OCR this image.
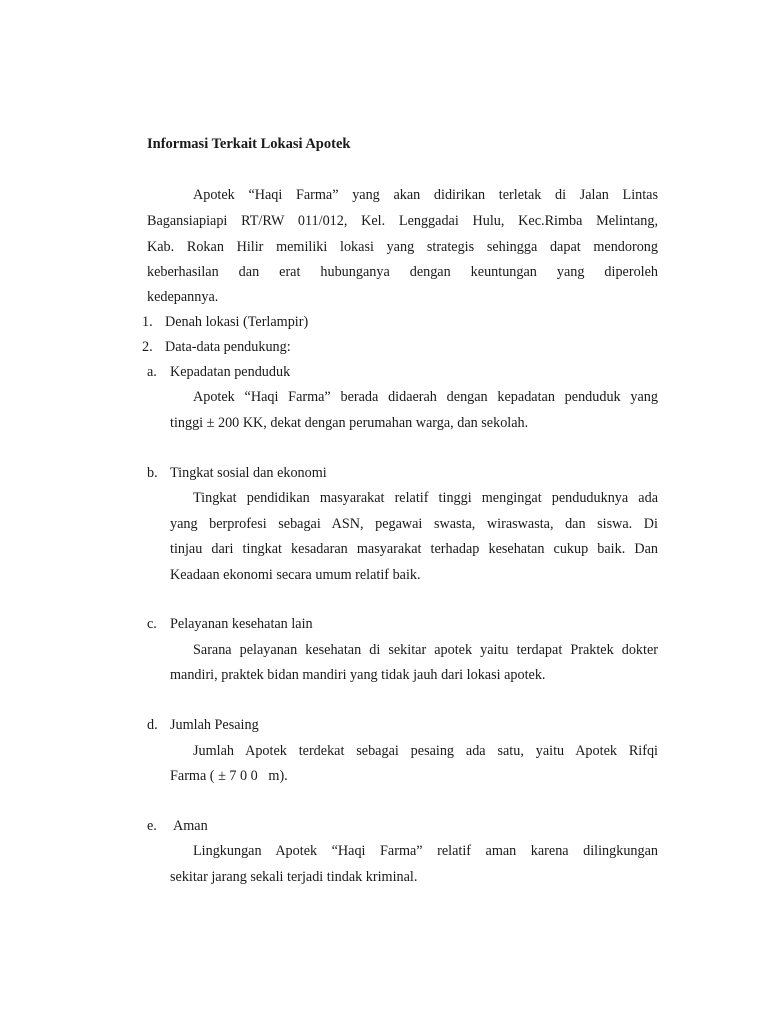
Informasi Terkait Lokasi Apotek

Apotek “Haqi Farma” yang akan didirikan terletak di Jalan Lintas

Bagansiapiapi RT/RW 011/012, Kel. Lenggadai Hulu, Kec.Rimba Melintang,

Kab. Rokan Hilir memiliki lokasi yang strategis sehingga dapat mendorong

keberhasilan dan erat hubunganya dengan keuntungan yang diperoleh

kedepannya.

1. Denah lokasi (Terlampir)
2. Data-data pendukung:
a. Kepadatan penduduk

Apotek “Haqi Farma” berada didaerah dengan kepadatan penduduk yang

tinggi ± 200 KK, dekat dengan perumahan warga, dan sekolah.

b. Tingkat sosial dan ekonomi

Tingkat pendidikan masyarakat relatif tinggi mengingat penduduknya ada

yang berprofesi sebagai ASN, pegawai swasta, wiraswasta, dan siswa. Di

tinjau dari tingkat kesadaran masyarakat terhadap kesehatan cukup baik. Dan

Keadaan ekonomi secara umum relatif baik.

c. Pelayanan kesehatan lain

Sarana pelayanan kesehatan di sekitar apotek yaitu terdapat Praktek dokter

mandiri, praktek bidan mandiri yang tidak jauh dari lokasi apotek.

d. Jumlah Pesaing

Jumlah Apotek terdekat sebagai pesaing ada satu, yaitu Apotek Rifqi

Farma ( ± 7 0 0   m).

e. Aman

Lingkungan Apotek “Haqi Farma” relatif aman karena dilingkungan

sekitar jarang sekali terjadi tindak kriminal.
